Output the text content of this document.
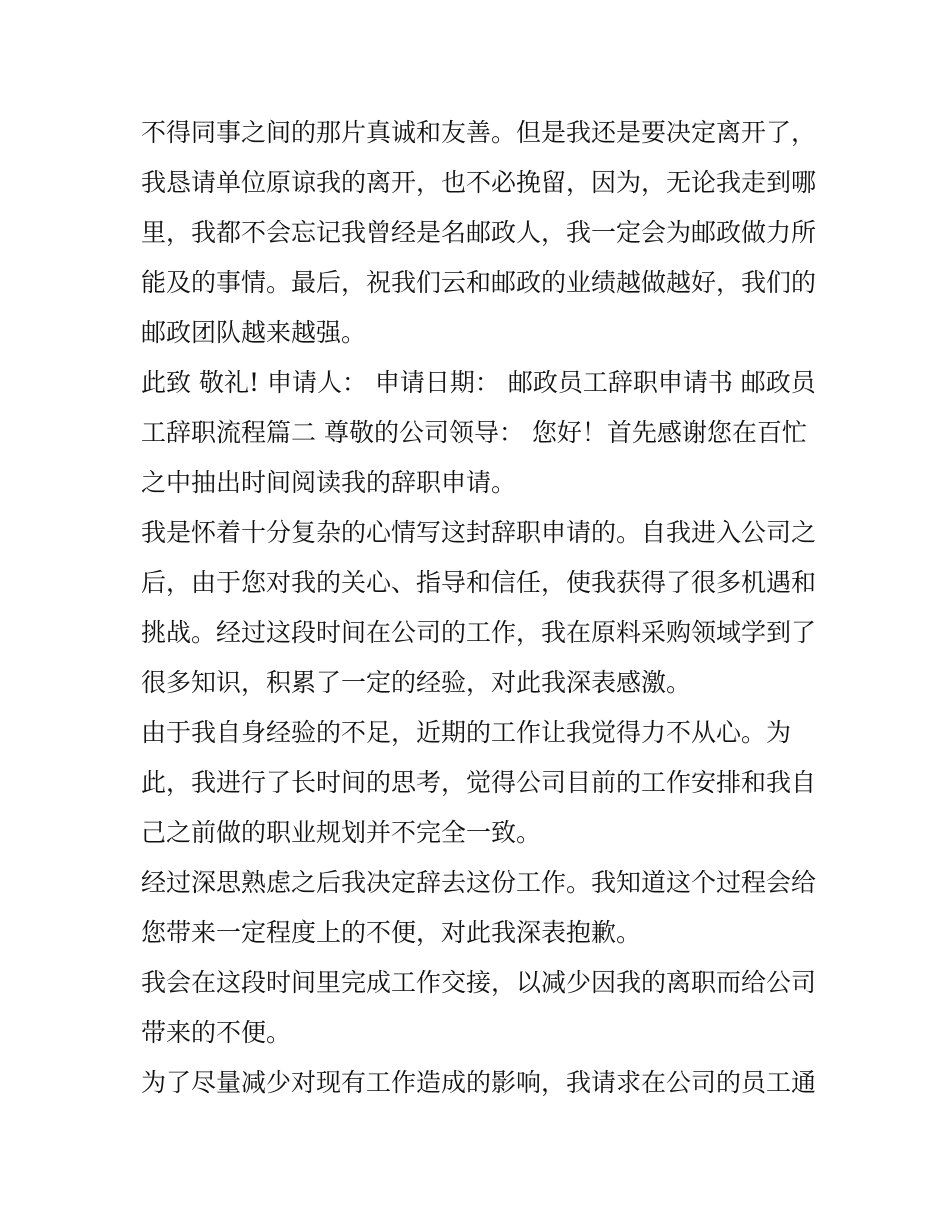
不得同事之间的那片真诚和友善。但是我还是要决定离开了，
我恳请单位原谅我的离开，也不必挽留，因为，无论我走到哪
里，我都不会忘记我曾经是名邮政人，我一定会为邮政做力所
能及的事情。最后，祝我们云和邮政的业绩越做越好，我们的
邮政团队越来越强。

此致 敬礼! 申请人： 申请日期： 邮政员工辞职申请书 邮政员
工辞职流程篇二 尊敬的公司领导： 您好！首先感谢您在百忙
之中抽出时间阅读我的辞职申请。

我是怀着十分复杂的心情写这封辞职申请的。自我进入公司之
后，由于您对我的关心、指导和信任，使我获得了很多机遇和
挑战。经过这段时间在公司的工作，我在原料采购领域学到了
很多知识，积累了一定的经验，对此我深表感激。

由于我自身经验的不足，近期的工作让我觉得力不从心。为
此，我进行了长时间的思考，觉得公司目前的工作安排和我自
己之前做的职业规划并不完全一致。

经过深思熟虑之后我决定辞去这份工作。我知道这个过程会给
您带来一定程度上的不便，对此我深表抱歉。

我会在这段时间里完成工作交接，以减少因我的离职而给公司
带来的不便。

为了尽量减少对现有工作造成的影响，我请求在公司的员工通
